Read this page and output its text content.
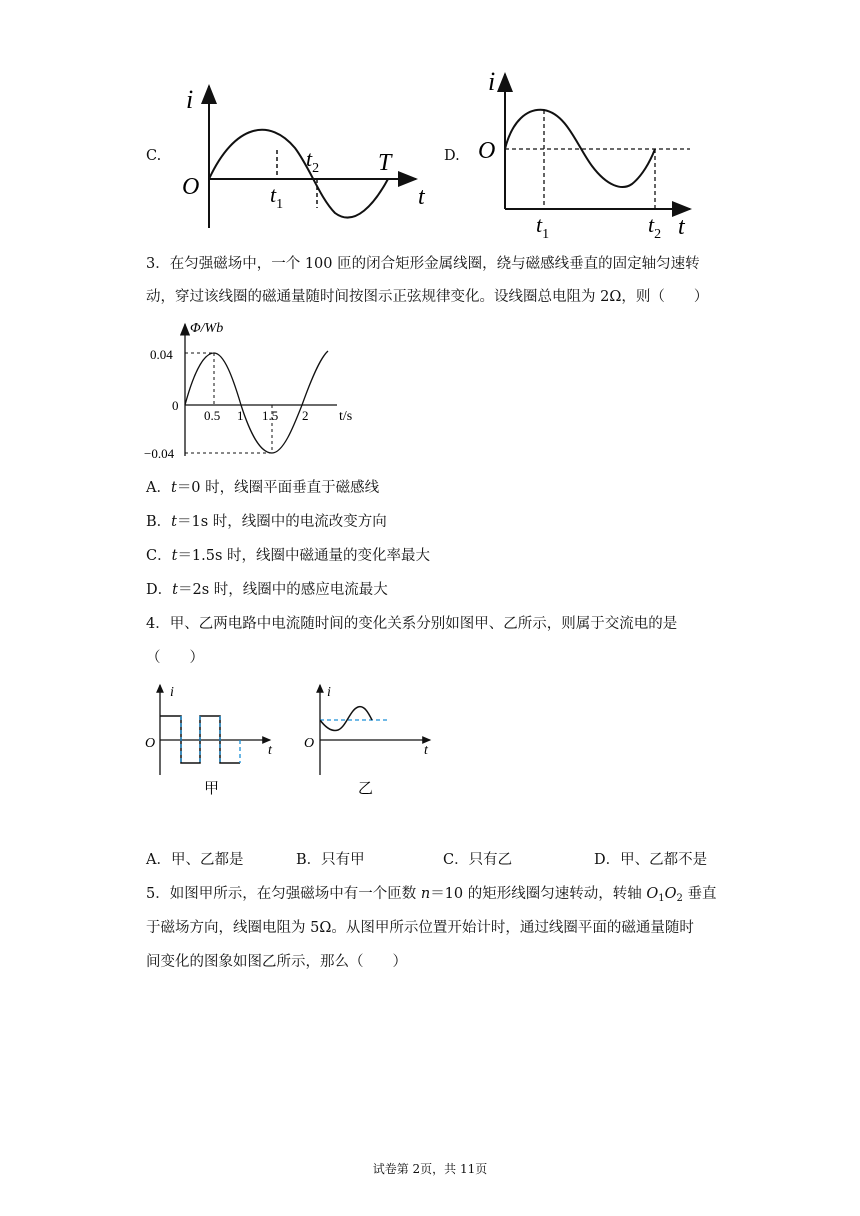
C.
i
t
O	$t_1$
$t_2$ T	D.
i
O
t
$t_1$	$t_2$
3．在匀强磁场中，一个 100 匝的闭合矩形金属线圈，绕与磁感线垂直的固定轴匀速转
动，穿过该线圈的磁通量随时间按图示正弦规律变化。设线圈总电阻为 2Ω，则（　　）
Φ/Wb
t/s
0
0.04
−0.04
0.5 1 1.5 2
A．t＝0 时，线圈平面垂直于磁感线
B．t＝1s 时，线圈中的电流改变方向
C．t＝1.5s 时，线圈中磁通量的变化率最大
D．t＝2s 时，线圈中的感应电流最大
4．甲、乙两电路中电流随时间的变化关系分别如图甲、乙所示，则属于交流电的是
（　　）
i
t
O
甲
i
t
O
乙
A．甲、乙都是	B．只有甲	C．只有乙	D．甲、乙都不是
5．如图甲所示，在匀强磁场中有一个匝数 n＝10 的矩形线圈匀速转动，转轴 $O_1O_2$ 垂直
于磁场方向，线圈电阻为 5Ω。从图甲所示位置开始计时，通过线圈平面的磁通量随时
间变化的图象如图乙所示，那么（　　）
试卷第 2页，共 11页
